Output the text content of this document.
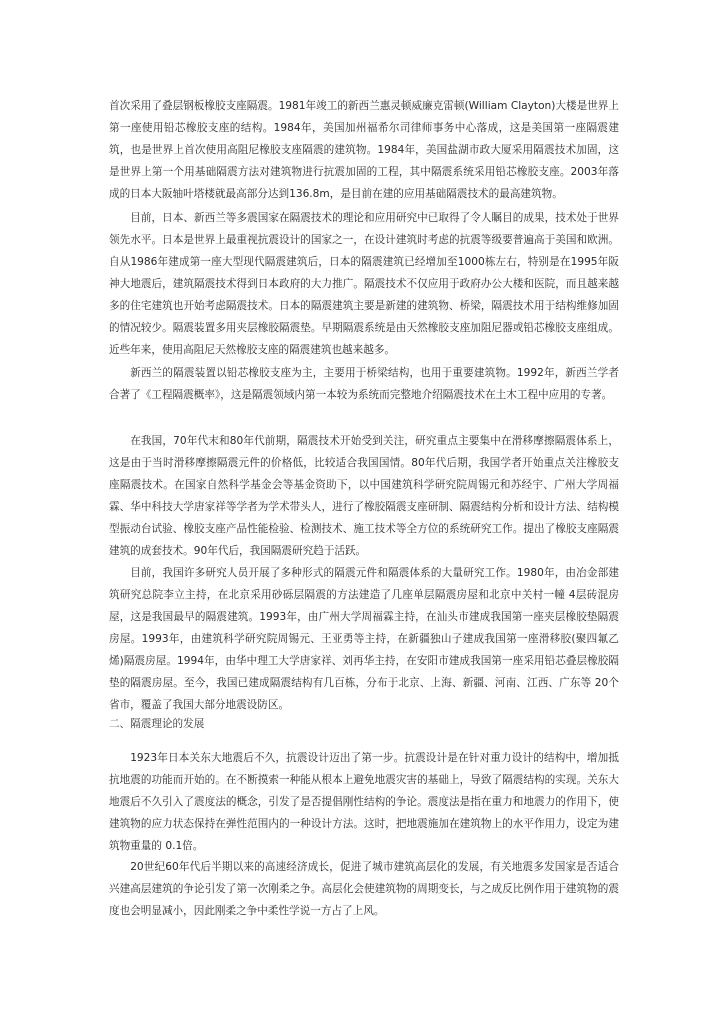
首次采用了叠层钢板橡胶支座隔震。1981年竣工的新西兰惠灵顿威廉克雷顿(William Clayton)大楼是世界上第一座使用铅芯橡胶支座的结构。1984年，美国加州福希尔司律师事务中心落成，这是美国第一座隔震建筑，也是世界上首次使用高阻尼橡胶支座隔震的建筑物。1984年，美国盐湖市政大厦采用隔震技术加固，这是世界上第一个用基础隔震方法对建筑物进行抗震加固的工程，其中隔震系统采用铅芯橡胶支座。2003年落成的日本大阪轴叶塔楼就最高部分达到136.8m，是目前在建的应用基础隔震技术的最高建筑物。

目前，日本、新西兰等多震国家在隔震技术的理论和应用研究中已取得了令人瞩目的成果，技术处于世界领先水平。日本是世界上最重视抗震设计的国家之一，在设计建筑时考虑的抗震等级要普遍高于美国和欧洲。自从1986年建成第一座大型现代隔震建筑后，日本的隔震建筑已经增加至1000栋左右，特别是在1995年阪神大地震后，建筑隔震技术得到日本政府的大力推广。隔震技术不仅应用于政府办公大楼和医院，而且越来越多的住宅建筑也开始考虑隔震技术。日本的隔震建筑主要是新建的建筑物、桥梁，隔震技术用于结构维修加固的情况较少。隔震装置多用夹层橡胶隔震垫。早期隔震系统是由天然橡胶支座加阻尼器或铅芯橡胶支座组成。近些年来，使用高阻尼天然橡胶支座的隔震建筑也越来越多。

新西兰的隔震装置以铅芯橡胶支座为主，主要用于桥梁结构，也用于重要建筑物。1992年，新西兰学者合著了《工程隔震概率》，这是隔震领域内第一本较为系统而完整地介绍隔震技术在土木工程中应用的专著。

在我国，70年代末和80年代前期，隔震技术开始受到关注，研究重点主要集中在滑移摩擦隔震体系上，这是由于当时滑移摩擦隔震元件的价格低，比较适合我国国情。80年代后期，我国学者开始重点关注橡胶支座隔震技术。在国家自然科学基金会等基金资助下，以中国建筑科学研究院周锡元和苏经宇、广州大学周福霖、华中科技大学唐家祥等学者为学术带头人，进行了橡胶隔震支座研制、隔震结构分析和设计方法、结构模型振动台试验、橡胶支座产品性能检验、检测技术、施工技术等全方位的系统研究工作。提出了橡胶支座隔震建筑的成套技术。90年代后，我国隔震研究趋于活跃。

目前，我国许多研究人员开展了多种形式的隔震元件和隔震体系的大量研究工作。1980年，由冶金部建筑研究总院李立主持，在北京采用砂砾层隔震的方法建造了几座单层隔震房屋和北京中关村一幢 4层砖混房屋，这是我国最早的隔震建筑。1993年，由广州大学周福霖主持，在汕头市建成我国第一座夹层橡胶垫隔震房屋。1993年，由建筑科学研究院周锡元、王亚勇等主持，在新疆独山子建成我国第一座滑移胶(聚四氟乙烯)隔震房屋。1994年，由华中理工大学唐家祥、刘再华主持，在安阳市建成我国第一座采用铅芯叠层橡胶隔垫的隔震房屋。至今，我国已建成隔震结构有几百栋，分布于北京、上海、新疆、河南、江西、广东等 20个省市，覆盖了我国大部分地震设防区。

二、隔震理论的发展

1923年日本关东大地震后不久，抗震设计迈出了第一步。抗震设计是在针对重力设计的结构中，增加抵抗地震的功能而开始的。在不断摸索一种能从根本上避免地震灾害的基础上，导致了隔震结构的实现。关东大地震后不久引入了震度法的概念，引发了是否提倡刚性结构的争论。震度法是指在重力和地震力的作用下，使建筑物的应力状态保持在弹性范围内的一种设计方法。这时，把地震施加在建筑物上的水平作用力，设定为建筑物重量的 0.1倍。

20世纪60年代后半期以来的高速经济成长，促进了城市建筑高层化的发展，有关地震多发国家是否适合兴建高层建筑的争论引发了第一次刚柔之争。高层化会使建筑物的周期变长，与之成反比例作用于建筑物的震度也会明显减小，因此刚柔之争中柔性学说一方占了上风。
